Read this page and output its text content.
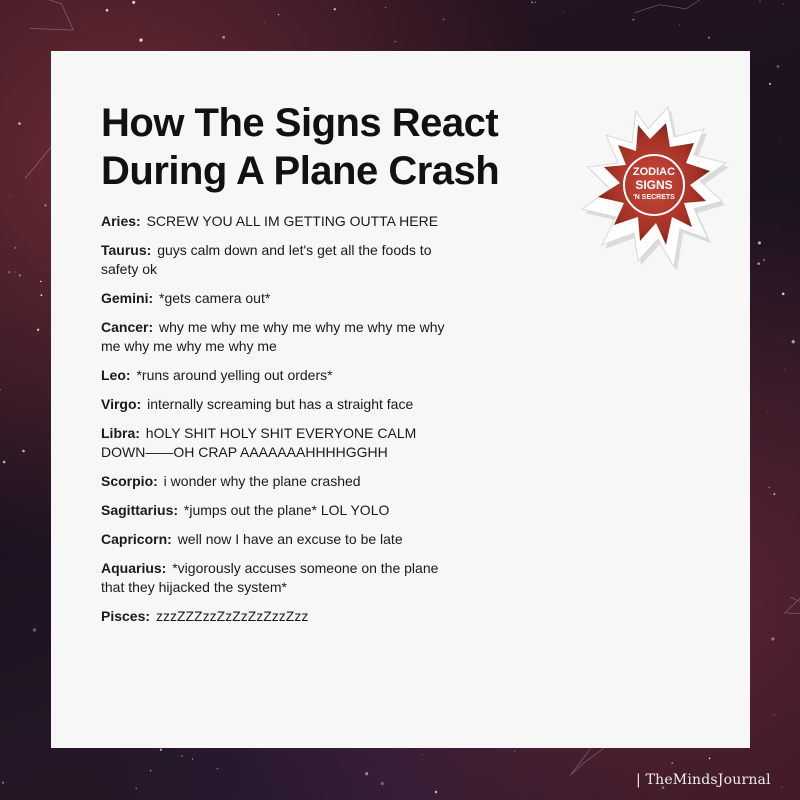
How The Signs React
During A Plane Crash

Aries: SCREW YOU ALL IM GETTING OUTTA HERE

Taurus: guys calm down and let's get all the foods to safety ok

Gemini: *gets camera out*

Cancer: why me why me why me why me why me why me why me why me why me

Leo: *runs around yelling out orders*

Virgo: internally screaming but has a straight face

Libra: hOLY SHIT HOLY SHIT EVERYONE CALM DOWN——OH CRAP AAAAAAAHHHHGGHH

Scorpio: i wonder why the plane crashed

Sagittarius: *jumps out the plane* LOL YOLO

Capricorn: well now I have an excuse to be late

Aquarius: *vigorously accuses someone on the plane that they hijacked the system*

Pisces: zzzZZZzzZzZzZzZzzZzz

ZODIAC
SIGNS
'N SECRETS
| TheMindsJournal
